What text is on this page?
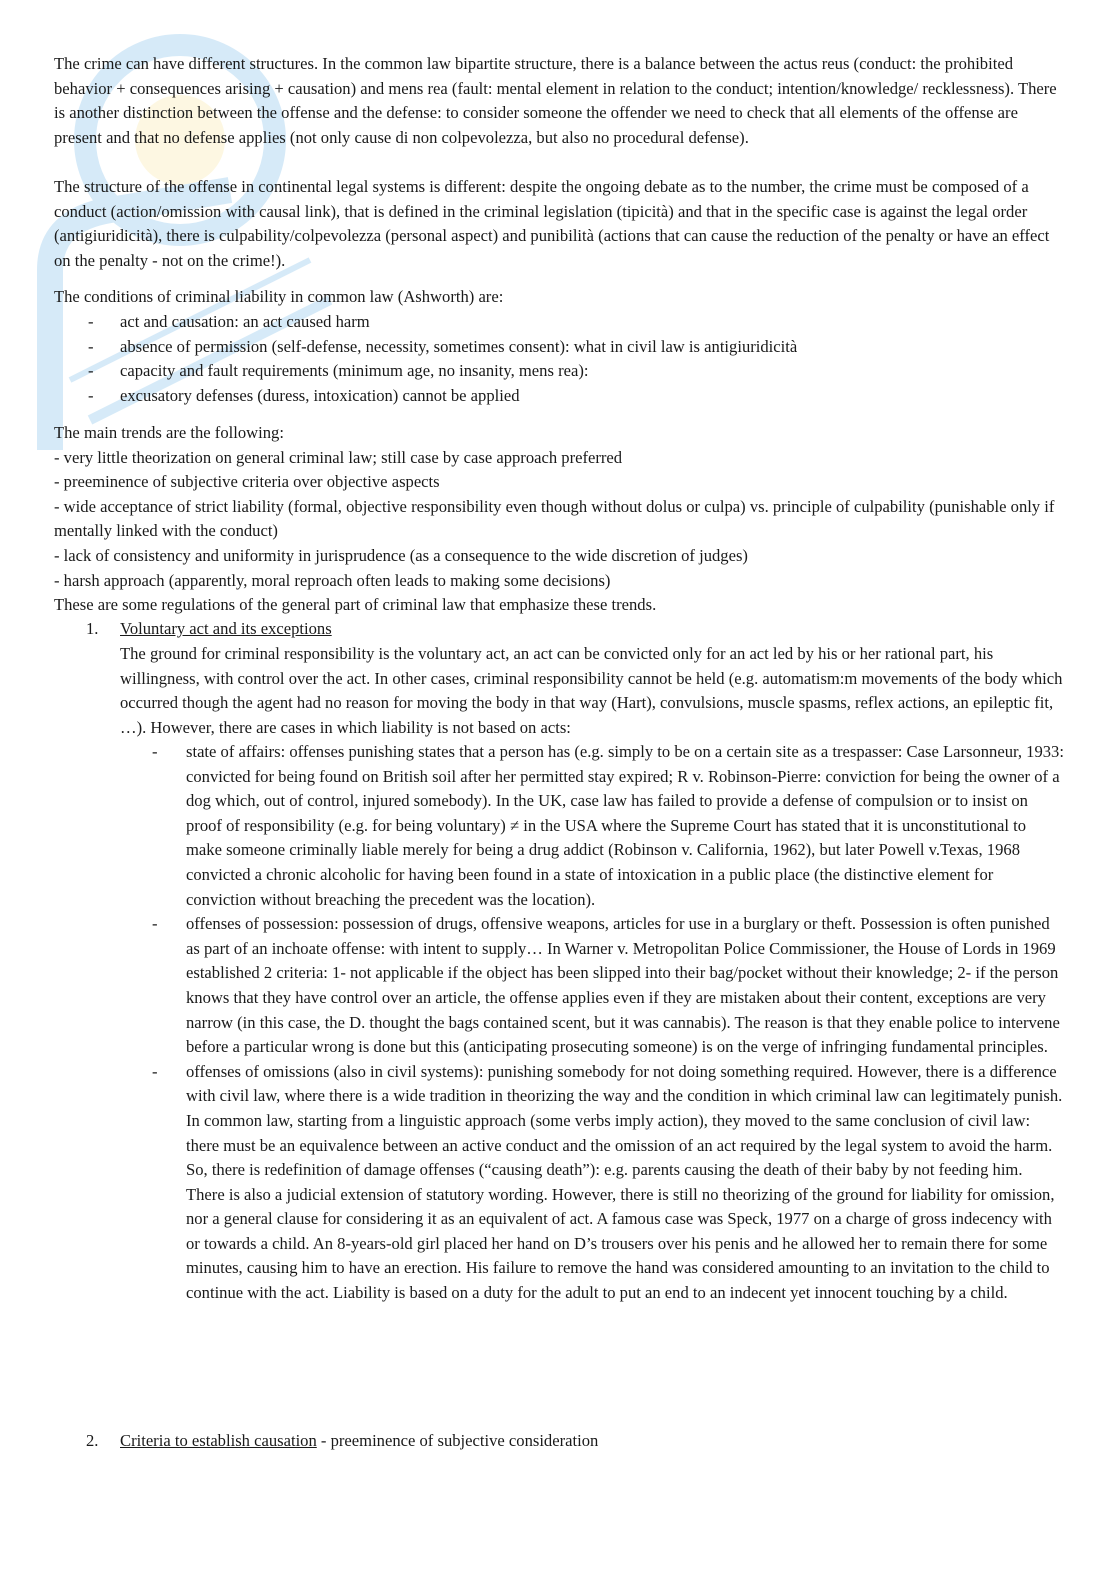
The crime can have different structures. In the common law bipartite structure, there is a balance between the actus reus (conduct: the prohibited behavior + consequences arising + causation) and mens rea (fault: mental element in relation to the conduct; intention/knowledge/ recklessness). There is another distinction between the offense and the defense: to consider someone the offender we need to check that all elements of the offense are present and that no defense applies (not only cause di non colpevolezza, but also no procedural defense).

The structure of the offense in continental legal systems is different: despite the ongoing debate as to the number, the crime must be composed of a conduct (action/omission with causal link), that is defined in the criminal legislation (tipicità) and that in the specific case is against the legal order (antigiuridicità), there is culpability/colpevolezza (personal aspect) and punibilità (actions that can cause the reduction of the penalty or have an effect on the penalty - not on the crime!).

The conditions of criminal liability in common law (Ashworth) are:

- act and causation: an act caused harm
- absence of permission (self-defense, necessity, sometimes consent): what in civil law is antigiuridicità
- capacity and fault requirements (minimum age, no insanity, mens rea):
- excusatory defenses (duress, intoxication) cannot be applied

The main trends are the following:

- very little theorization on general criminal law; still case by case approach preferred

- preeminence of subjective criteria over objective aspects

- wide acceptance of strict liability (formal, objective responsibility even though without dolus or culpa) vs. principle of culpability (punishable only if mentally linked with the conduct)

- lack of consistency and uniformity in jurisprudence (as a consequence to the wide discretion of judges)

- harsh approach (apparently, moral reproach often leads to making some decisions)

These are some regulations of the general part of criminal law that emphasize these trends.

1.	Voluntary act and its exceptions

The ground for criminal responsibility is the voluntary act, an act can be convicted only for an act led by his or her rational part, his willingness, with control over the act. In other cases, criminal responsibility cannot be held (e.g. automatism:m movements of the body which occurred though the agent had no reason for moving the body in that way (Hart), convulsions, muscle spasms, reflex actions, an epileptic fit, …). However, there are cases in which liability is not based on acts:

- state of affairs: offenses punishing states that a person has (e.g. simply to be on a certain site as a trespasser: Case Larsonneur, 1933: convicted for being found on British soil after her permitted stay expired; R v. Robinson-Pierre: conviction for being the owner of a dog which, out of control, injured somebody). In the UK, case law has failed to provide a defense of compulsion or to insist on proof of responsibility (e.g. for being voluntary) ≠ in the USA where the Supreme Court has stated that it is unconstitutional to make someone criminally liable merely for being a drug addict (Robinson v. California, 1962), but later Powell v.Texas, 1968 convicted a chronic alcoholic for having been found in a state of intoxication in a public place (the distinctive element for conviction without breaching the precedent was the location).
- offenses of possession: possession of drugs, offensive weapons, articles for use in a burglary or theft. Possession is often punished as part of an inchoate offense: with intent to supply… In Warner v. Metropolitan Police Commissioner, the House of Lords in 1969 established 2 criteria: 1- not applicable if the object has been slipped into their bag/pocket without their knowledge; 2- if the person knows that they have control over an article, the offense applies even if they are mistaken about their content, exceptions are very narrow (in this case, the D. thought the bags contained scent, but it was cannabis). The reason is that they enable police to intervene before a particular wrong is done but this (anticipating prosecuting someone) is on the verge of infringing fundamental principles.
- offenses of omissions (also in civil systems): punishing somebody for not doing something required. However, there is a difference with civil law, where there is a wide tradition in theorizing the way and the condition in which criminal law can legitimately punish. In common law, starting from a linguistic approach (some verbs imply action), they moved to the same conclusion of civil law: there must be an equivalence between an active conduct and the omission of an act required by the legal system to avoid the harm. So, there is redefinition of damage offenses (“causing death”): e.g. parents causing the death of their baby by not feeding him. There is also a judicial extension of statutory wording. However, there is still no theorizing of the ground for liability for omission, nor a general clause for considering it as an equivalent of act. A famous case was Speck, 1977 on a charge of gross indecency with or towards a child. An 8-years-old girl placed her hand on D’s trousers over his penis and he allowed her to remain there for some minutes, causing him to have an erection. His failure to remove the hand was considered amounting to an invitation to the child to continue with the act. Liability is based on a duty for the adult to put an end to an indecent yet innocent touching by a child.
2.	Criteria to establish causation - preeminence of subjective consideration
